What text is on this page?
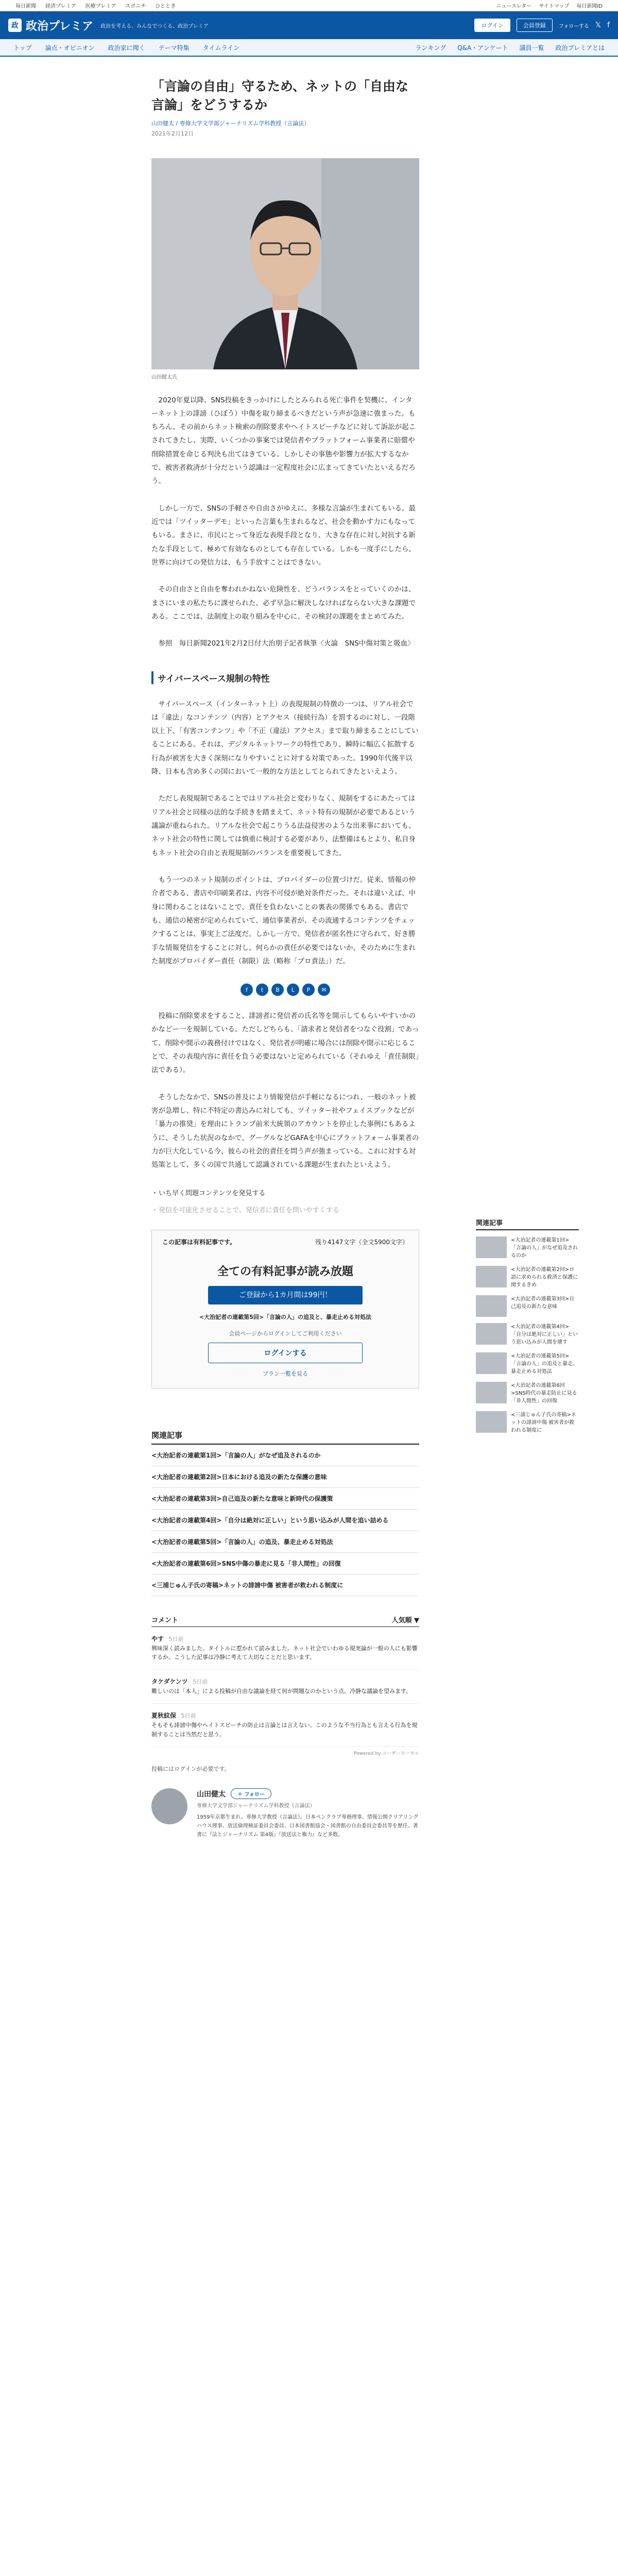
毎日新聞 経済プレミア 医療プレミア スポニチ ひととき	ニュースレター サイトマップ 毎日新聞ID
政 政治プレミア 政治を考える、みんなでつくる、政治プレミア	ログイン	会員登録	フォローする 𝕏 f
トップ 論点・オピニオン 政治家に聞く テーマ特集 タイムライン	ランキング Q&A・アンケート 議員一覧 政治プレミアとは
「言論の自由」守るため、ネットの「自由な言論」をどうするか
山田健太 / 専修大学文学部ジャーナリズム学科教授（言論法）
2021年2月12日
山田健太氏

2020年夏以降、SNS投稿をきっかけにしたとみられる死亡事件を契機に、インターネット上の誹謗（ひぼう）中傷を取り締まるべきだという声が急速に強まった。もちろん、その前からネット検索の削除要求やヘイトスピーチなどに対して訴訟が起こされてきたし、実際、いくつかの事案では発信者やプラットフォーム事業者に賠償や削除措置を命じる判決も出てはきている。しかしその事態や影響力が拡大するなかで、被害者救済が十分だという認識は一定程度社会に広まってきていたといえるだろう。

しかし一方で、SNSの手軽さや自由さがゆえに、多様な言論が生まれてもいる。最近では「ツイッターデモ」といった言葉も生まれるなど、社会を動かす力にもなってもいる。まさに、市民にとって身近な表現手段となり、大きな存在に対し対抗する新たな手段として、極めて有効なものとしても存在している。しかも一度手にしたら、世界に向けての発信力は、もう手放すことはできない。

その自由さと自由を奪われかねない危険性を、どうバランスをとっていくのかは、まさにいまの私たちに課せられた、必ず早急に解決しなければならない大きな課題である。ここでは、法制度上の取り組みを中心に、その検討の課題をまとめてみた。

参照　毎日新聞2021年2月2日付大治朋子記者執筆〈火論　SNS中傷対策と吸血〉

サイバースペース規制の特性

サイバースペース（インターネット上）の表現規制の特徴の一つは、リアル社会では「違法」なコンテンツ（内容）とアクセス（接続行為）を罰するのに対し、一段階以上下、「有害コンテンツ」や「不正（違法）アクセス」まで取り締まることにしていることにある。それは、デジタルネットワークの特性であり、瞬時に幅広く拡散する行為が被害を大きく深刻になりやすいことに対する対策であった。1990年代後半以降、日本も含め多くの国において一般的な方法としてとられてきたといえよう。

ただし表現規制であることではリアル社会と変わりなく、規制をするにあたってはリアル社会と同様の法的な手続きを踏まえて、ネット特有の規制が必要であるという議論が重ねられた。リアルな社会で起こりうる法益侵害のような出来事においても、ネット社会の特性に関しては慎重に検討する必要があり、法整備はもとより、私自身もネット社会の自由と表現規制のバランスを重要視してきた。

もう一つのネット規制のポイントは、プロバイダーの位置づけだ。従来、情報の仲介者である、書店や印刷業者は、内容不可侵が絶対条件だった。それは違いえば、中身に関わることはないことで、責任を負わないことの裏表の関係でもある。書店でも、通信の秘密が定められていて、通信事業者が、その流通するコンテンツをチェックすることは、事実上ご法度だ。しかし一方で、発信者が匿名性に守られて、好き勝手な情報発信をすることに対し、何らかの責任が必要ではないか、そのために生まれた制度がプロバイダー責任（制限）法（略称「プロ責法」）だ。

f	t	B	L	P	✉

投稿に削除要求をすること、誹謗者に発信者の氏名等を開示してもらいやすいかのかなどー一を規制している。ただしどちらも、「請求者と発信者をつなぐ役割」であって、削除や開示の義務付けではなく、発信者が明確に場合には削除や開示に応じることで、その表現内容に責任を負う必要はないと定められている（それゆえ「責任制限」法である）。

そうしたなかで、SNSの普及により情報発信が手軽になるにつれ、一般のネット被害が急増し、特に不特定の書込みに対しても、ツイッター社やフェイスブックなどが「暴力の推奨」を理由にトランプ前米大統領のアカウントを停止した事例にもあるように、そうした状況のなかで、グーグルなどGAFAを中心にプラットフォーム事業者の力が巨大化している今、彼らの社会的責任を問う声が強まっている。これに対する対処策として、多くの国で共通して認識されている課題が生まれたといえよう。

・ いち早く問題コンテンツを発見する
・ 発信を可能化させることで、発信者に責任を問いやすくする
この記事は有料記事です。	残り4147文字（全文5900文字）
全ての有料記事が読み放題
ご登録から1カ月間は99円！
<大治記者の連載第5回>「言論の人」の追及と、暴走止める対処法
会員ページからログインしてご利用ください
ログインする
プラン一覧を見る
関連記事
<大治記者の連載第1回>「言論の人」がなぜ追及されるのか
<大治記者の連載第2回>日本における追及の新たな保護の意味
<大治記者の連載第3回>自己追及の新たな意味と新時代の保護策
<大治記者の連載第4回>「自分は絶対に正しい」という思い込みが人間を追い詰める
<大治記者の連載第5回>「言論の人」の追及、暴走止める対処法
<大治記者の連載第6回>SNS中傷の暴走に見る「非人間性」の回復
<三浦じゅん子氏の寄稿>ネットの誹謗中傷 被害者が救われる制度に
コメント	人気順 ▼
やす 5日前
興味深く読みました。タイトルに惹かれて読みました。ネット社会でいわゆる現実論が一般の人にも影響するか。こうした記事は冷静に考えて大切なことだと思います。
タケダケンツ 5日前
難しいのは「本人」による投稿が自由な議論を経て何が問題なのかという点。冷静な議論を望みます。
夏秋紋保 5日前
そもそも誹謗中傷やヘイトスピーチの防止は言論とは言えない。このような不当行為とも言える行為を規制することは当然だと思う。
Powered by ユーザーローカル
投稿にはログインが必要です。
山田健太	＋ フォロー
専修大学文学部ジャーナリズム学科教授（言論法）
1959年京都生まれ。専修大学教授（言論法）。日本ペンクラブ専務理事、情報公開クリアリングハウス理事、放送倫理検証委員会委員、日本図書館協会・図書館の自由委員会委員等を歴任。著書に『法とジャーナリズム 第4版』『放送法と権力』など多数。
関連記事
<大治記者の連載第1回>「言論の人」がなぜ追及されるのか
<大治記者の連載第2回>ロ語に求められる救済と保護に関するきめ
<大治記者の連載第3回>自己追及の新たな意味
<大治記者の連載第4回>「自分は絶対に正しい」という思い込みが人間を壊す
<大治記者の連載第5回>「言論の人」の追及と暴走、暴走止める対処法
<大治記者の連載第6回>SNS時代の暴走防止に見る「非人間性」の回復
<三浦じゅん子氏の寄稿>ネットの誹謗中傷 被害者が救われる制度に
